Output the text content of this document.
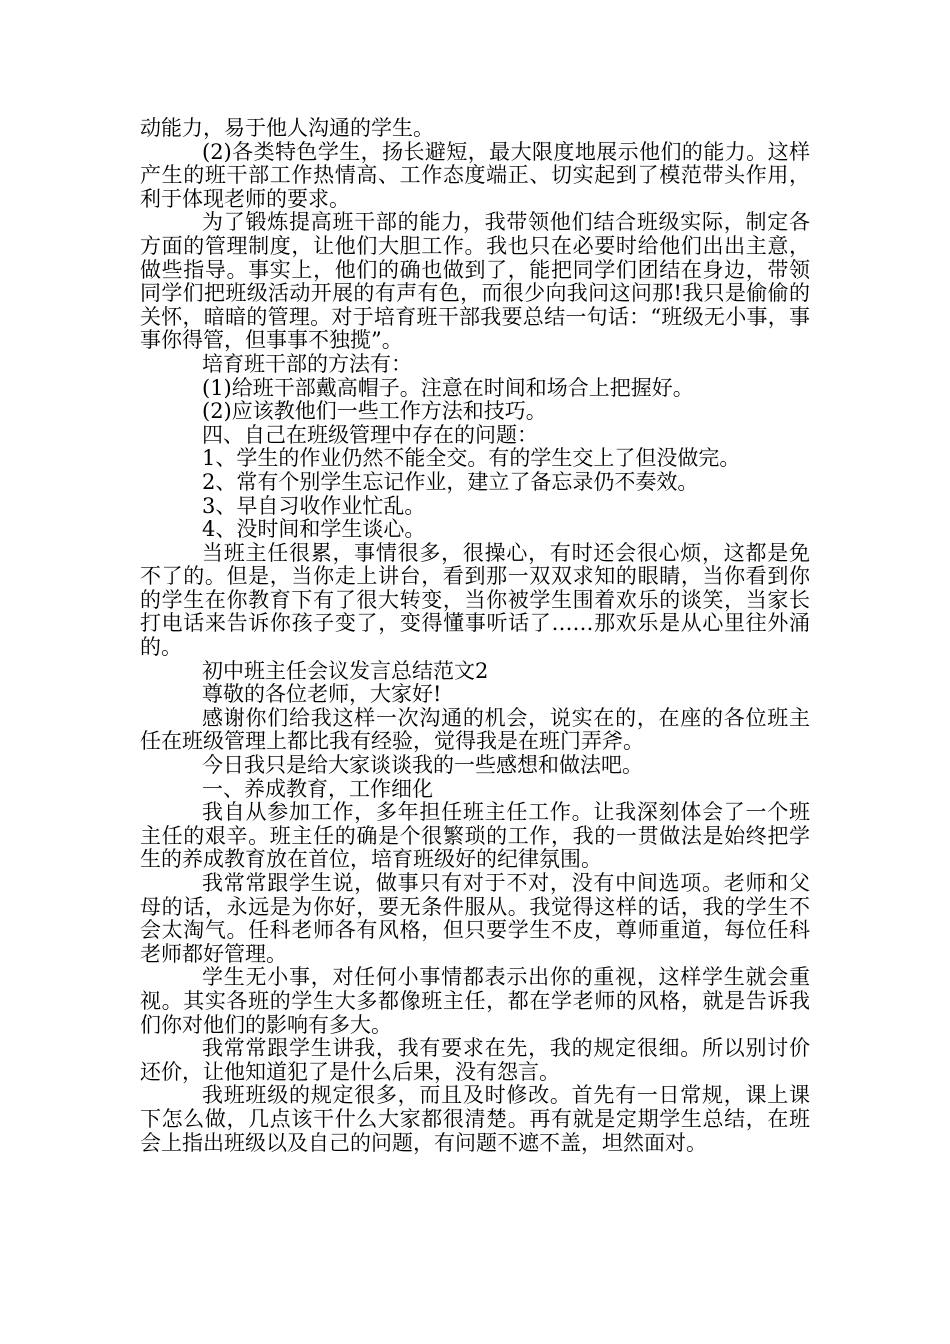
动能力，易于他人沟通的学生。

(2)各类特色学生，扬长避短，最大限度地展示他们的能力。这样产生的班干部工作热情高、工作态度端正、切实起到了模范带头作用，利于体现老师的要求。

为了锻炼提高班干部的能力，我带领他们结合班级实际，制定各方面的管理制度，让他们大胆工作。我也只在必要时给他们出出主意，做些指导。事实上，他们的确也做到了，能把同学们团结在身边，带领同学们把班级活动开展的有声有色，而很少向我问这问那!我只是偷偷的关怀，暗暗的管理。对于培育班干部我要总结一句话：“班级无小事，事事你得管，但事事不独揽”。

培育班干部的方法有：

(1)给班干部戴高帽子。注意在时间和场合上把握好。

(2)应该教他们一些工作方法和技巧。

四、自己在班级管理中存在的问题：

1、学生的作业仍然不能全交。有的学生交上了但没做完。

2、常有个别学生忘记作业，建立了备忘录仍不奏效。

3、早自习收作业忙乱。

4、没时间和学生谈心。

当班主任很累，事情很多，很操心，有时还会很心烦，这都是免不了的。但是，当你走上讲台，看到那一双双求知的眼睛，当你看到你的学生在你教育下有了很大转变，当你被学生围着欢乐的谈笑，当家长打电话来告诉你孩子变了，变得懂事听话了……那欢乐是从心里往外涌的。

初中班主任会议发言总结范文2

尊敬的各位老师，大家好!

感谢你们给我这样一次沟通的机会，说实在的，在座的各位班主任在班级管理上都比我有经验，觉得我是在班门弄斧。

今日我只是给大家谈谈我的一些感想和做法吧。

一、养成教育，工作细化

我自从参加工作，多年担任班主任工作。让我深刻体会了一个班主任的艰辛。班主任的确是个很繁琐的工作，我的一贯做法是始终把学生的养成教育放在首位，培育班级好的纪律氛围。

我常常跟学生说，做事只有对于不对，没有中间选项。老师和父母的话，永远是为你好，要无条件服从。我觉得这样的话，我的学生不会太淘气。任科老师各有风格，但只要学生不皮，尊师重道，每位任科老师都好管理。

学生无小事，对任何小事情都表示出你的重视，这样学生就会重视。其实各班的学生大多都像班主任，都在学老师的风格，就是告诉我们你对他们的影响有多大。

我常常跟学生讲我，我有要求在先，我的规定很细。所以别讨价还价，让他知道犯了是什么后果，没有怨言。

我班班级的规定很多，而且及时修改。首先有一日常规，课上课下怎么做，几点该干什么大家都很清楚。再有就是定期学生总结，在班会上指出班级以及自己的问题，有问题不遮不盖，坦然面对。
